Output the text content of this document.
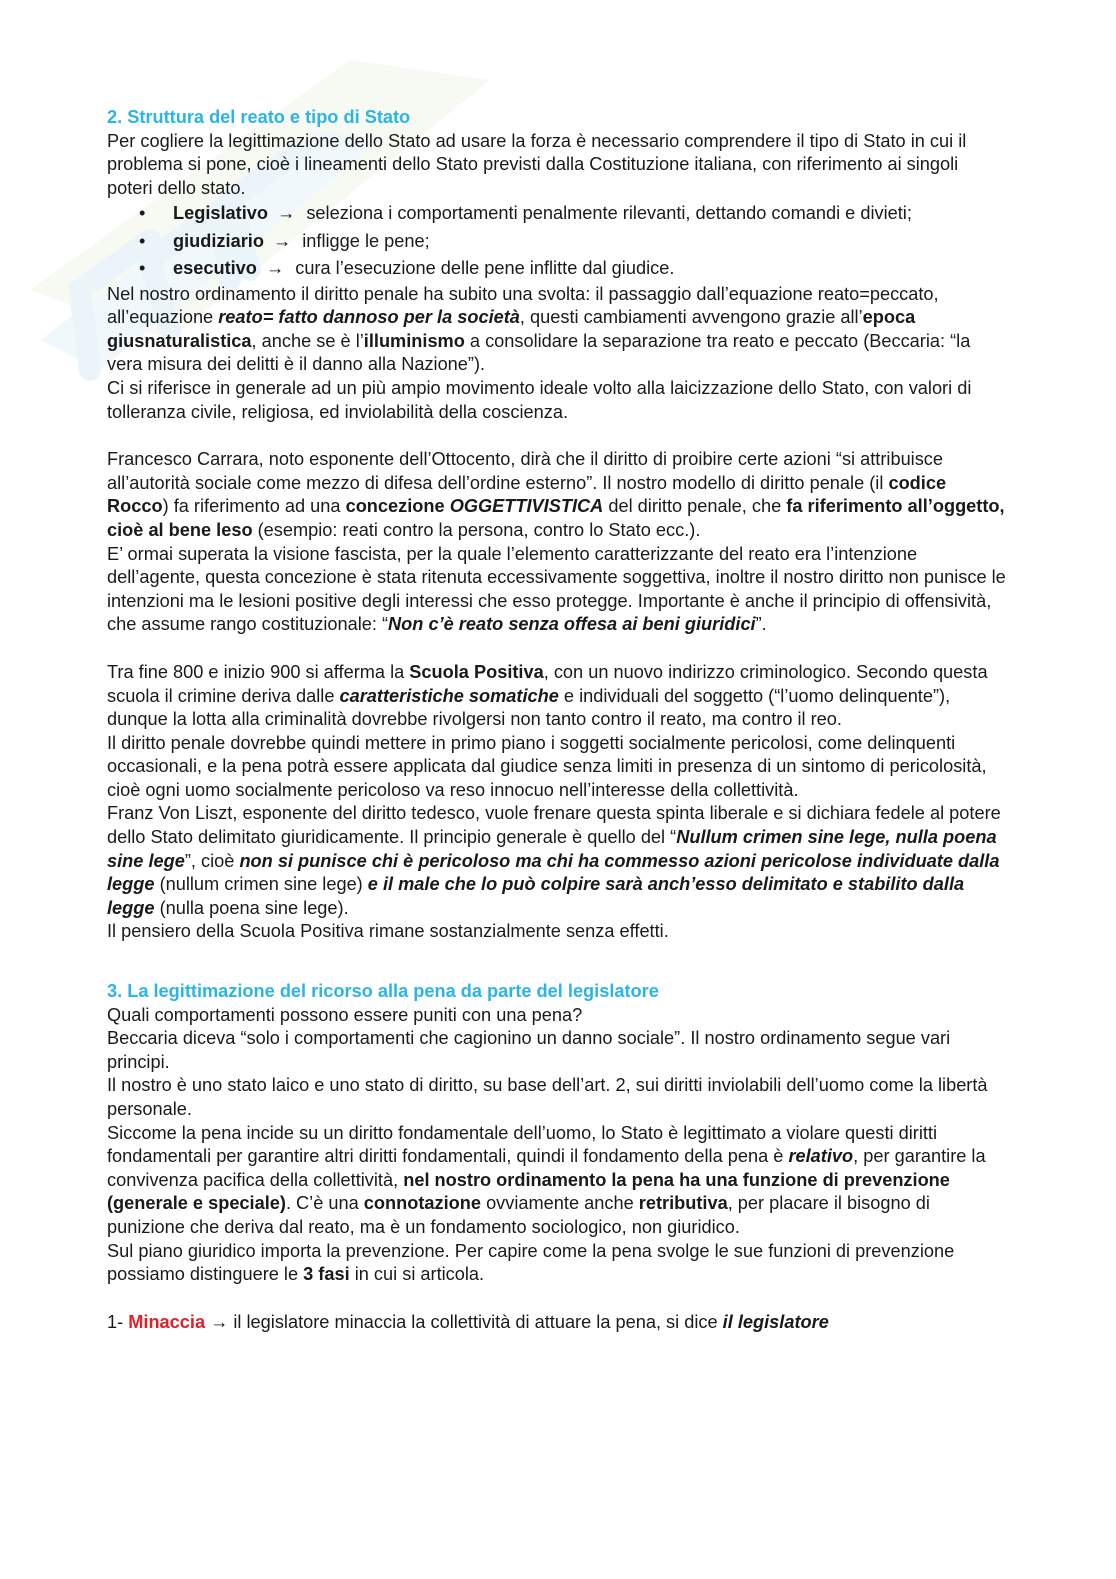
2. Struttura del reato e tipo di Stato

Per cogliere la legittimazione dello Stato ad usare la forza è necessario comprendere il tipo di Stato in cui il problema si pone, cioè i lineamenti dello Stato previsti dalla Costituzione italiana, con riferimento ai singoli poteri dello stato.

• Legislativo → seleziona i comportamenti penalmente rilevanti, dettando comandi e divieti;
• giudiziario → infligge le pene;
• esecutivo → cura l’esecuzione delle pene inflitte dal giudice.

Nel nostro ordinamento il diritto penale ha subito una svolta: il passaggio dall’equazione reato=peccato, all’equazione reato= fatto dannoso per la società, questi cambiamenti avvengono grazie all’epoca giusnaturalistica, anche se è l’illuminismo a consolidare la separazione tra reato e peccato (Beccaria: “la vera misura dei delitti è il danno alla Nazione”).

Ci si riferisce in generale ad un più ampio movimento ideale volto alla laicizzazione dello Stato, con valori di tolleranza civile, religiosa, ed inviolabilità della coscienza.

Francesco Carrara, noto esponente dell’Ottocento, dirà che il diritto di proibire certe azioni “si attribuisce all’autorità sociale come mezzo di difesa dell’ordine esterno”. Il nostro modello di diritto penale (il codice Rocco) fa riferimento ad una concezione OGGETTIVISTICA del diritto penale, che fa riferimento all’oggetto, cioè al bene leso (esempio: reati contro la persona, contro lo Stato ecc.).

E’ ormai superata la visione fascista, per la quale l’elemento caratterizzante del reato era l’intenzione dell’agente, questa concezione è stata ritenuta eccessivamente soggettiva, inoltre il nostro diritto non punisce le intenzioni ma le lesioni positive degli interessi che esso protegge. Importante è anche il principio di offensività, che assume rango costituzionale: “Non c’è reato senza offesa ai beni giuridici”.

Tra fine 800 e inizio 900 si afferma la Scuola Positiva, con un nuovo indirizzo criminologico. Secondo questa scuola il crimine deriva dalle caratteristiche somatiche e individuali del soggetto (“l’uomo delinquente”), dunque la lotta alla criminalità dovrebbe rivolgersi non tanto contro il reato, ma contro il reo.

Il diritto penale dovrebbe quindi mettere in primo piano i soggetti socialmente pericolosi, come delinquenti occasionali, e la pena potrà essere applicata dal giudice senza limiti in presenza di un sintomo di pericolosità, cioè ogni uomo socialmente pericoloso va reso innocuo nell’interesse della collettività.

Franz Von Liszt, esponente del diritto tedesco, vuole frenare questa spinta liberale e si dichiara fedele al potere dello Stato delimitato giuridicamente. Il principio generale è quello del “Nullum crimen sine lege, nulla poena sine lege”, cioè non si punisce chi è pericoloso ma chi ha commesso azioni pericolose individuate dalla legge (nullum crimen sine lege) e il male che lo può colpire sarà anch’esso delimitato e stabilito dalla legge (nulla poena sine lege).

Il pensiero della Scuola Positiva rimane sostanzialmente senza effetti.

3. La legittimazione del ricorso alla pena da parte del legislatore

Quali comportamenti possono essere puniti con una pena?

Beccaria diceva “solo i comportamenti che cagionino un danno sociale”. Il nostro ordinamento segue vari principi.

Il nostro è uno stato laico e uno stato di diritto, su base dell’art. 2, sui diritti inviolabili dell’uomo come la libertà personale.

Siccome la pena incide su un diritto fondamentale dell’uomo, lo Stato è legittimato a violare questi diritti fondamentali per garantire altri diritti fondamentali, quindi il fondamento della pena è relativo, per garantire la convivenza pacifica della collettività, nel nostro ordinamento la pena ha una funzione di prevenzione (generale e speciale). C’è una connotazione ovviamente anche retributiva, per placare il bisogno di punizione che deriva dal reato, ma è un fondamento sociologico, non giuridico.

Sul piano giuridico importa la prevenzione. Per capire come la pena svolge le sue funzioni di prevenzione possiamo distinguere le 3 fasi in cui si articola.

1- Minaccia → il legislatore minaccia la collettività di attuare la pena, si dice il legislatore
